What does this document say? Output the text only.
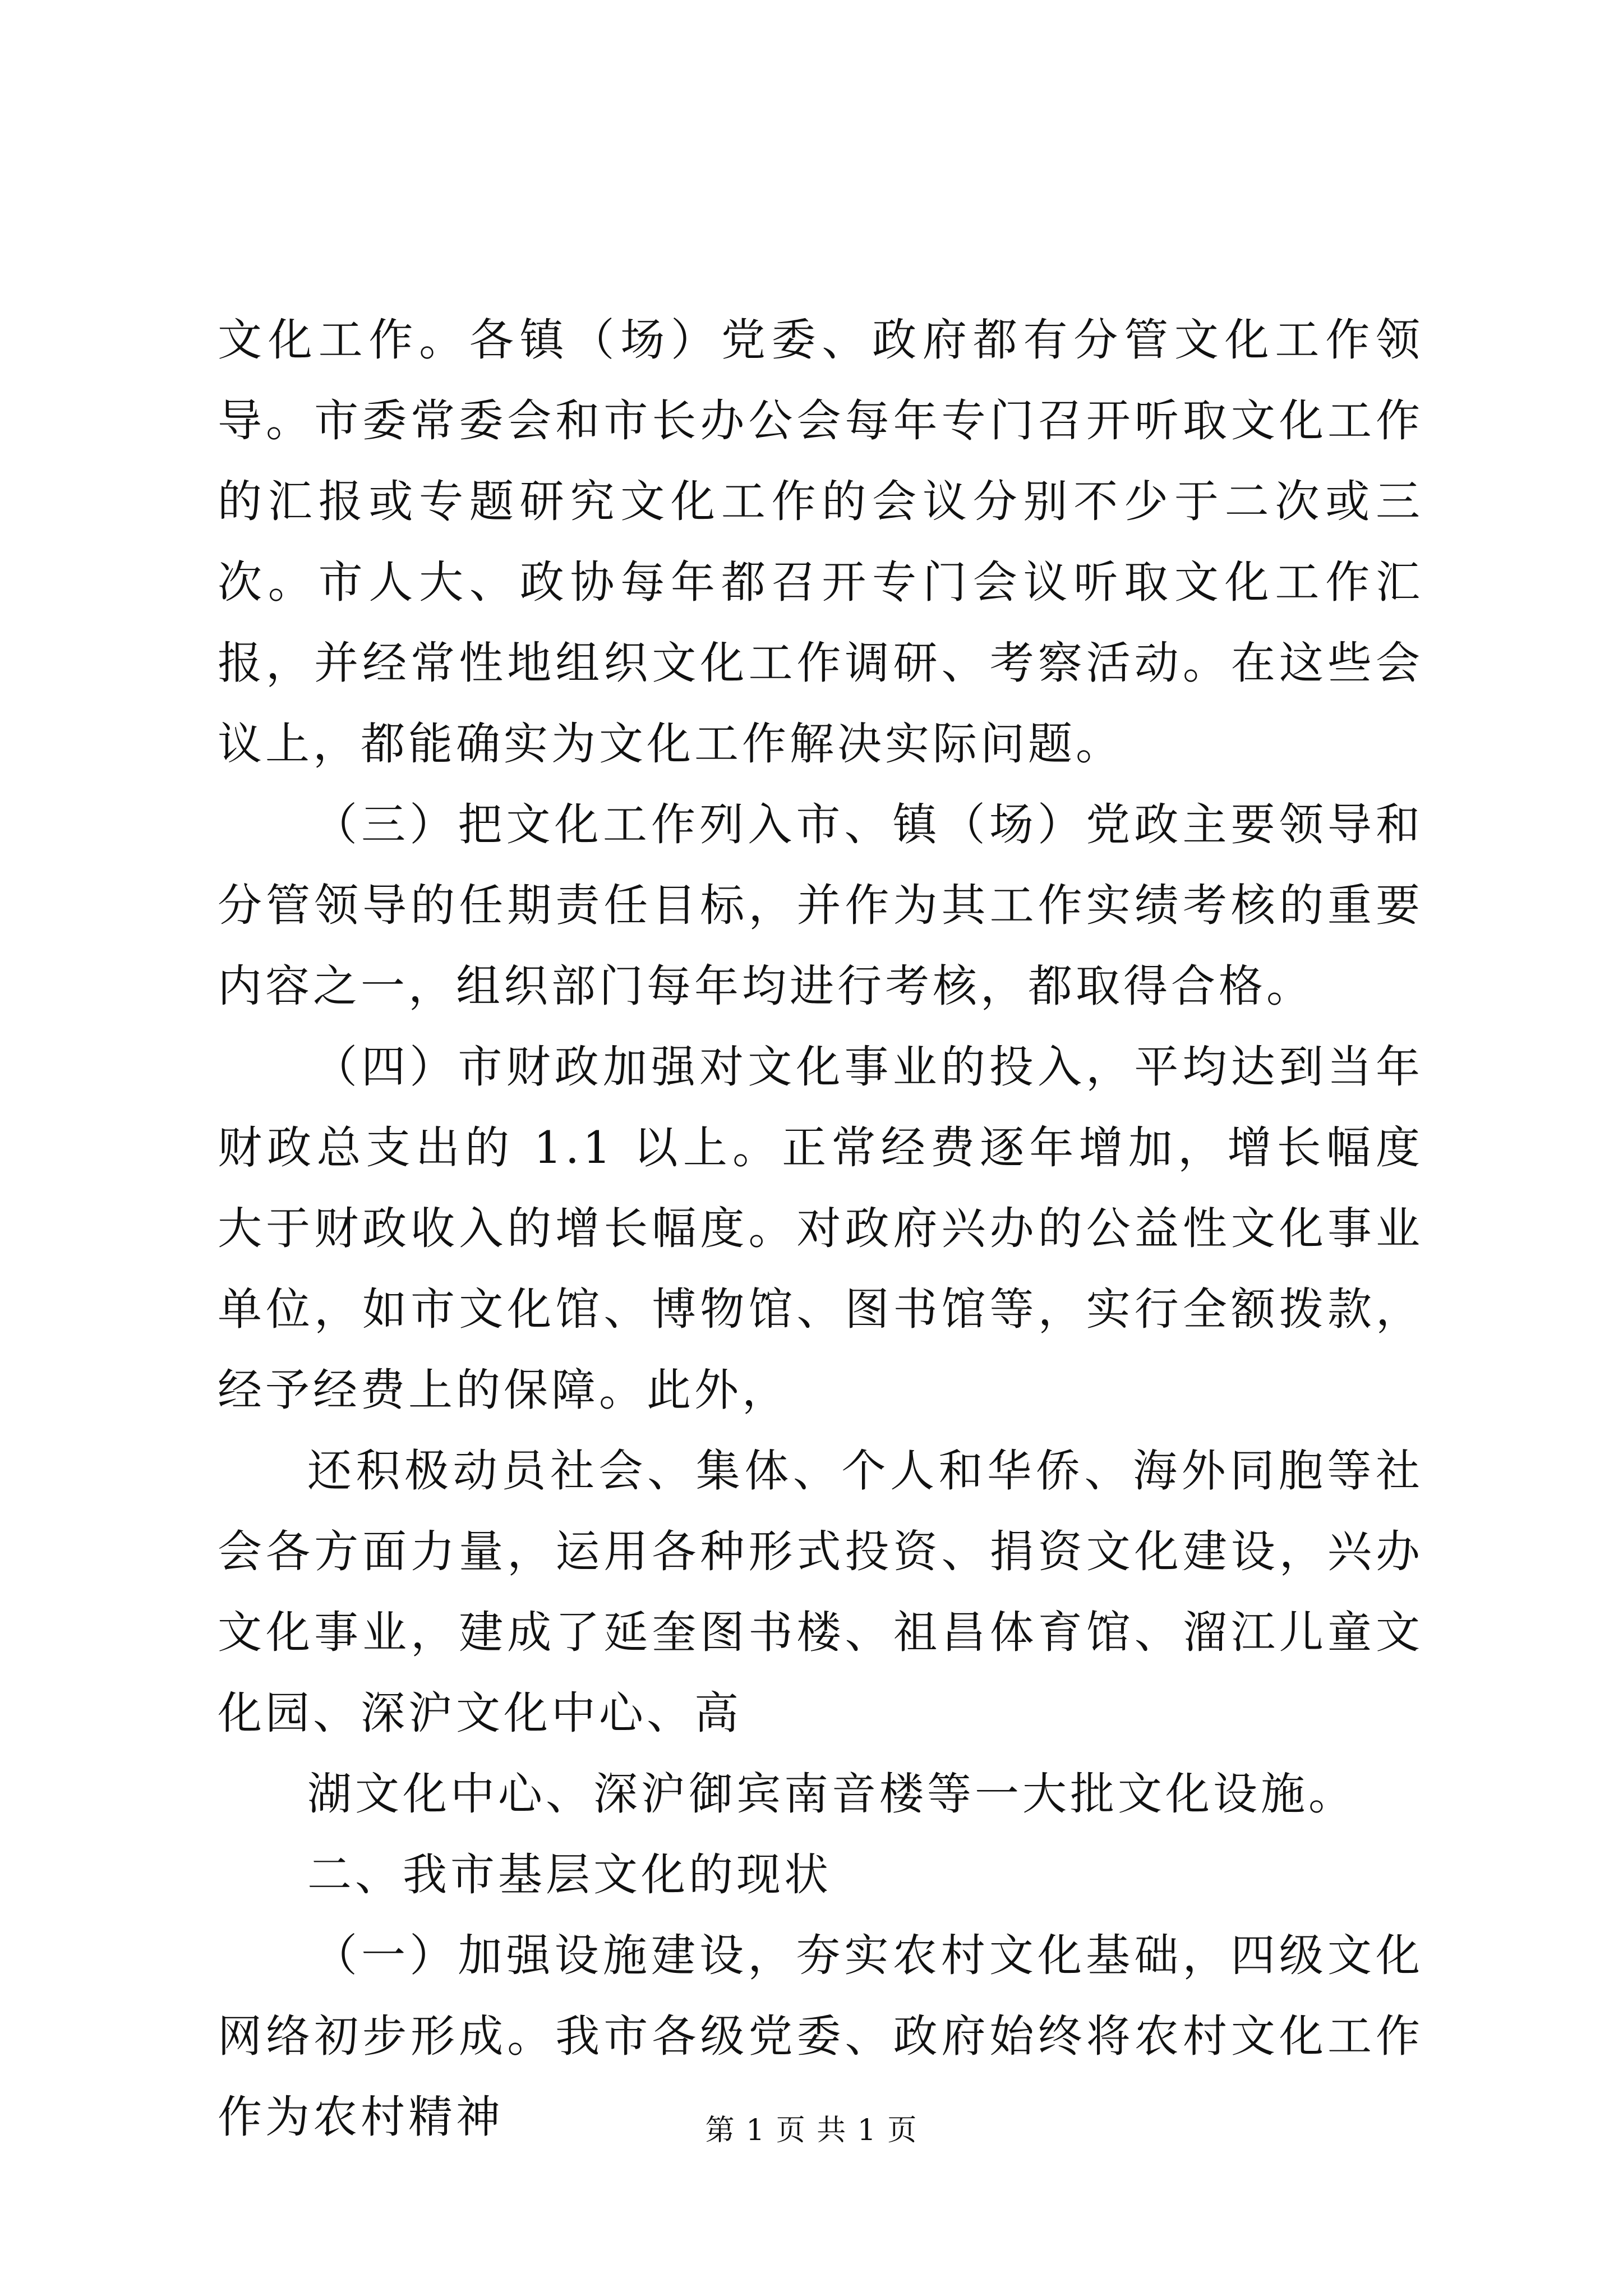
文化工作。各镇（场）党委、政府都有分管文化工作领导。市委常委会和市长办公会每年专门召开听取文化工作的汇报或专题研究文化工作的会议分别不少于二次或三次。市人大、政协每年都召开专门会议听取文化工作汇报，并经常性地组织文化工作调研、考察活动。在这些会议上，都能确实为文化工作解决实际问题。

（三）把文化工作列入市、镇（场）党政主要领导和分管领导的任期责任目标，并作为其工作实绩考核的重要内容之一，组织部门每年均进行考核，都取得合格。

（四）市财政加强对文化事业的投入，平均达到当年财政总支出的 1.1 以上。正常经费逐年增加，增长幅度大于财政收入的增长幅度。对政府兴办的公益性文化事业单位，如市文化馆、博物馆、图书馆等，实行全额拨款，经予经费上的保障。此外，

还积极动员社会、集体、个人和华侨、海外同胞等社会各方面力量，运用各种形式投资、捐资文化建设，兴办文化事业，建成了延奎图书楼、祖昌体育馆、溜江儿童文化园、深沪文化中心、高

湖文化中心、深沪御宾南音楼等一大批文化设施。

二、我市基层文化的现状

（一）加强设施建设，夯实农村文化基础，四级文化网络初步形成。我市各级党委、政府始终将农村文化工作作为农村精神	第 1 页 共 1 页
